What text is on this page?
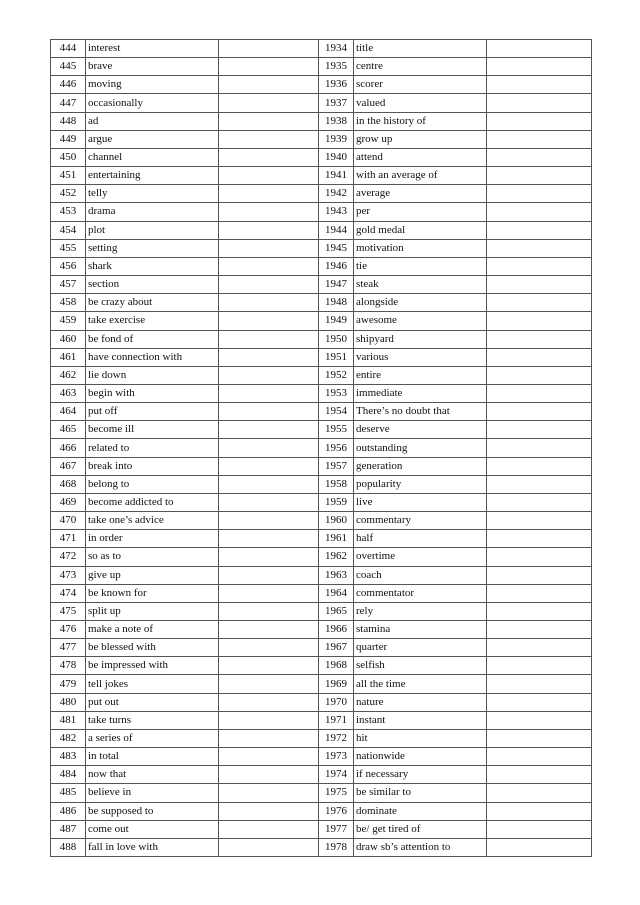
444	interest		1934	title	
445	brave		1935	centre	
446	moving		1936	scorer	
447	occasionally		1937	valued	
448	ad		1938	in the history of	
449	argue		1939	grow up	
450	channel		1940	attend	
451	entertaining		1941	with an average of	
452	telly		1942	average	
453	drama		1943	per	
454	plot		1944	gold medal	
455	setting		1945	motivation	
456	shark		1946	tie	
457	section		1947	steak	
458	be crazy about		1948	alongside	
459	take exercise		1949	awesome	
460	be fond of		1950	shipyard	
461	have connection with		1951	various	
462	lie down		1952	entire	
463	begin with		1953	immediate	
464	put off		1954	There’s no doubt that	
465	become ill		1955	deserve	
466	related to		1956	outstanding	
467	break into		1957	generation	
468	belong to		1958	popularity	
469	become addicted to		1959	live	
470	take one’s advice		1960	commentary	
471	in order		1961	half	
472	so as to		1962	overtime	
473	give up		1963	coach	
474	be known for		1964	commentator	
475	split up		1965	rely	
476	make a note of		1966	stamina	
477	be blessed with		1967	quarter	
478	be impressed with		1968	selfish	
479	tell jokes		1969	all the time	
480	put out		1970	nature	
481	take turns		1971	instant	
482	a series of		1972	hit	
483	in total		1973	nationwide	
484	now that		1974	if necessary	
485	believe in		1975	be similar to	
486	be supposed to		1976	dominate	
487	come out		1977	be/ get tired of	
488	fall in love with		1978	draw sb’s attention to	
